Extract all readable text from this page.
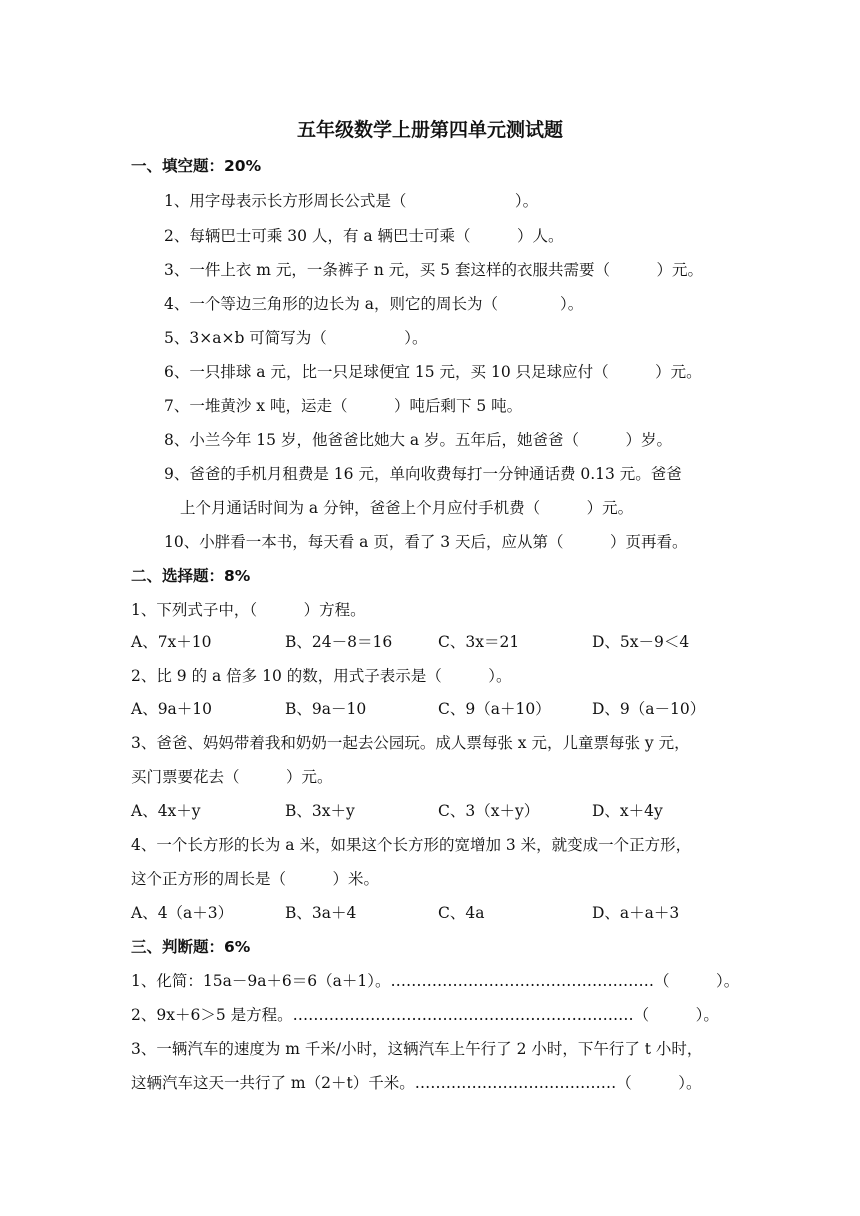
五年级数学上册第四单元测试题
一、填空题：20%
1、用字母表示长方形周长公式是（　　　　　　　）。
2、每辆巴士可乘 30 人，有 a 辆巴士可乘（　　　）人。
3、一件上衣 m 元，一条裤子 n 元，买 5 套这样的衣服共需要（　　　）元。
4、一个等边三角形的边长为 a，则它的周长为（　　　　）。
5、3×a×b 可简写为（　　　　　）。
6、一只排球 a 元，比一只足球便宜 15 元，买 10 只足球应付（　　　）元。
7、一堆黄沙 x 吨，运走（　　　）吨后剩下 5 吨。
8、小兰今年 15 岁，他爸爸比她大 a 岁。五年后，她爸爸（　　　）岁。
9、爸爸的手机月租费是 16 元，单向收费每打一分钟通话费 0.13 元。爸爸
上个月通话时间为 a 分钟，爸爸上个月应付手机费（　　　）元。
10、小胖看一本书，每天看 a 页，看了 3 天后，应从第（　　　）页再看。
二、选择题：8%
1、下列式子中，（　　　）方程。
A、7x＋10	B、24－8＝16	C、3x＝21	D、5x－9＜4
2、比 9 的 a 倍多 10 的数，用式子表示是（　　　）。
A、9a＋10	B、9a－10	C、9（a＋10）	D、9（a－10）
3、爸爸、妈妈带着我和奶奶一起去公园玩。成人票每张 x 元，儿童票每张 y 元，
买门票要花去（　　　）元。
A、4x＋y	B、3x＋y	C、3（x＋y）	D、x＋4y
4、一个长方形的长为 a 米，如果这个长方形的宽增加 3 米，就变成一个正方形，
这个正方形的周长是（　　　）米。
A、4（a＋3）	B、3a＋4	C、4a	D、a＋a＋3
三、判断题：6%
1、化简：15a－9a＋6＝6（a＋1）。……………………………………………（　　　）。
2、9x＋6＞5 是方程。…………………………………………………………（　　　）。
3、一辆汽车的速度为 m 千米/小时，这辆汽车上午行了 2 小时，下午行了 t 小时，
这辆汽车这天一共行了 m（2＋t）千米。…………………………………（　　　）。
